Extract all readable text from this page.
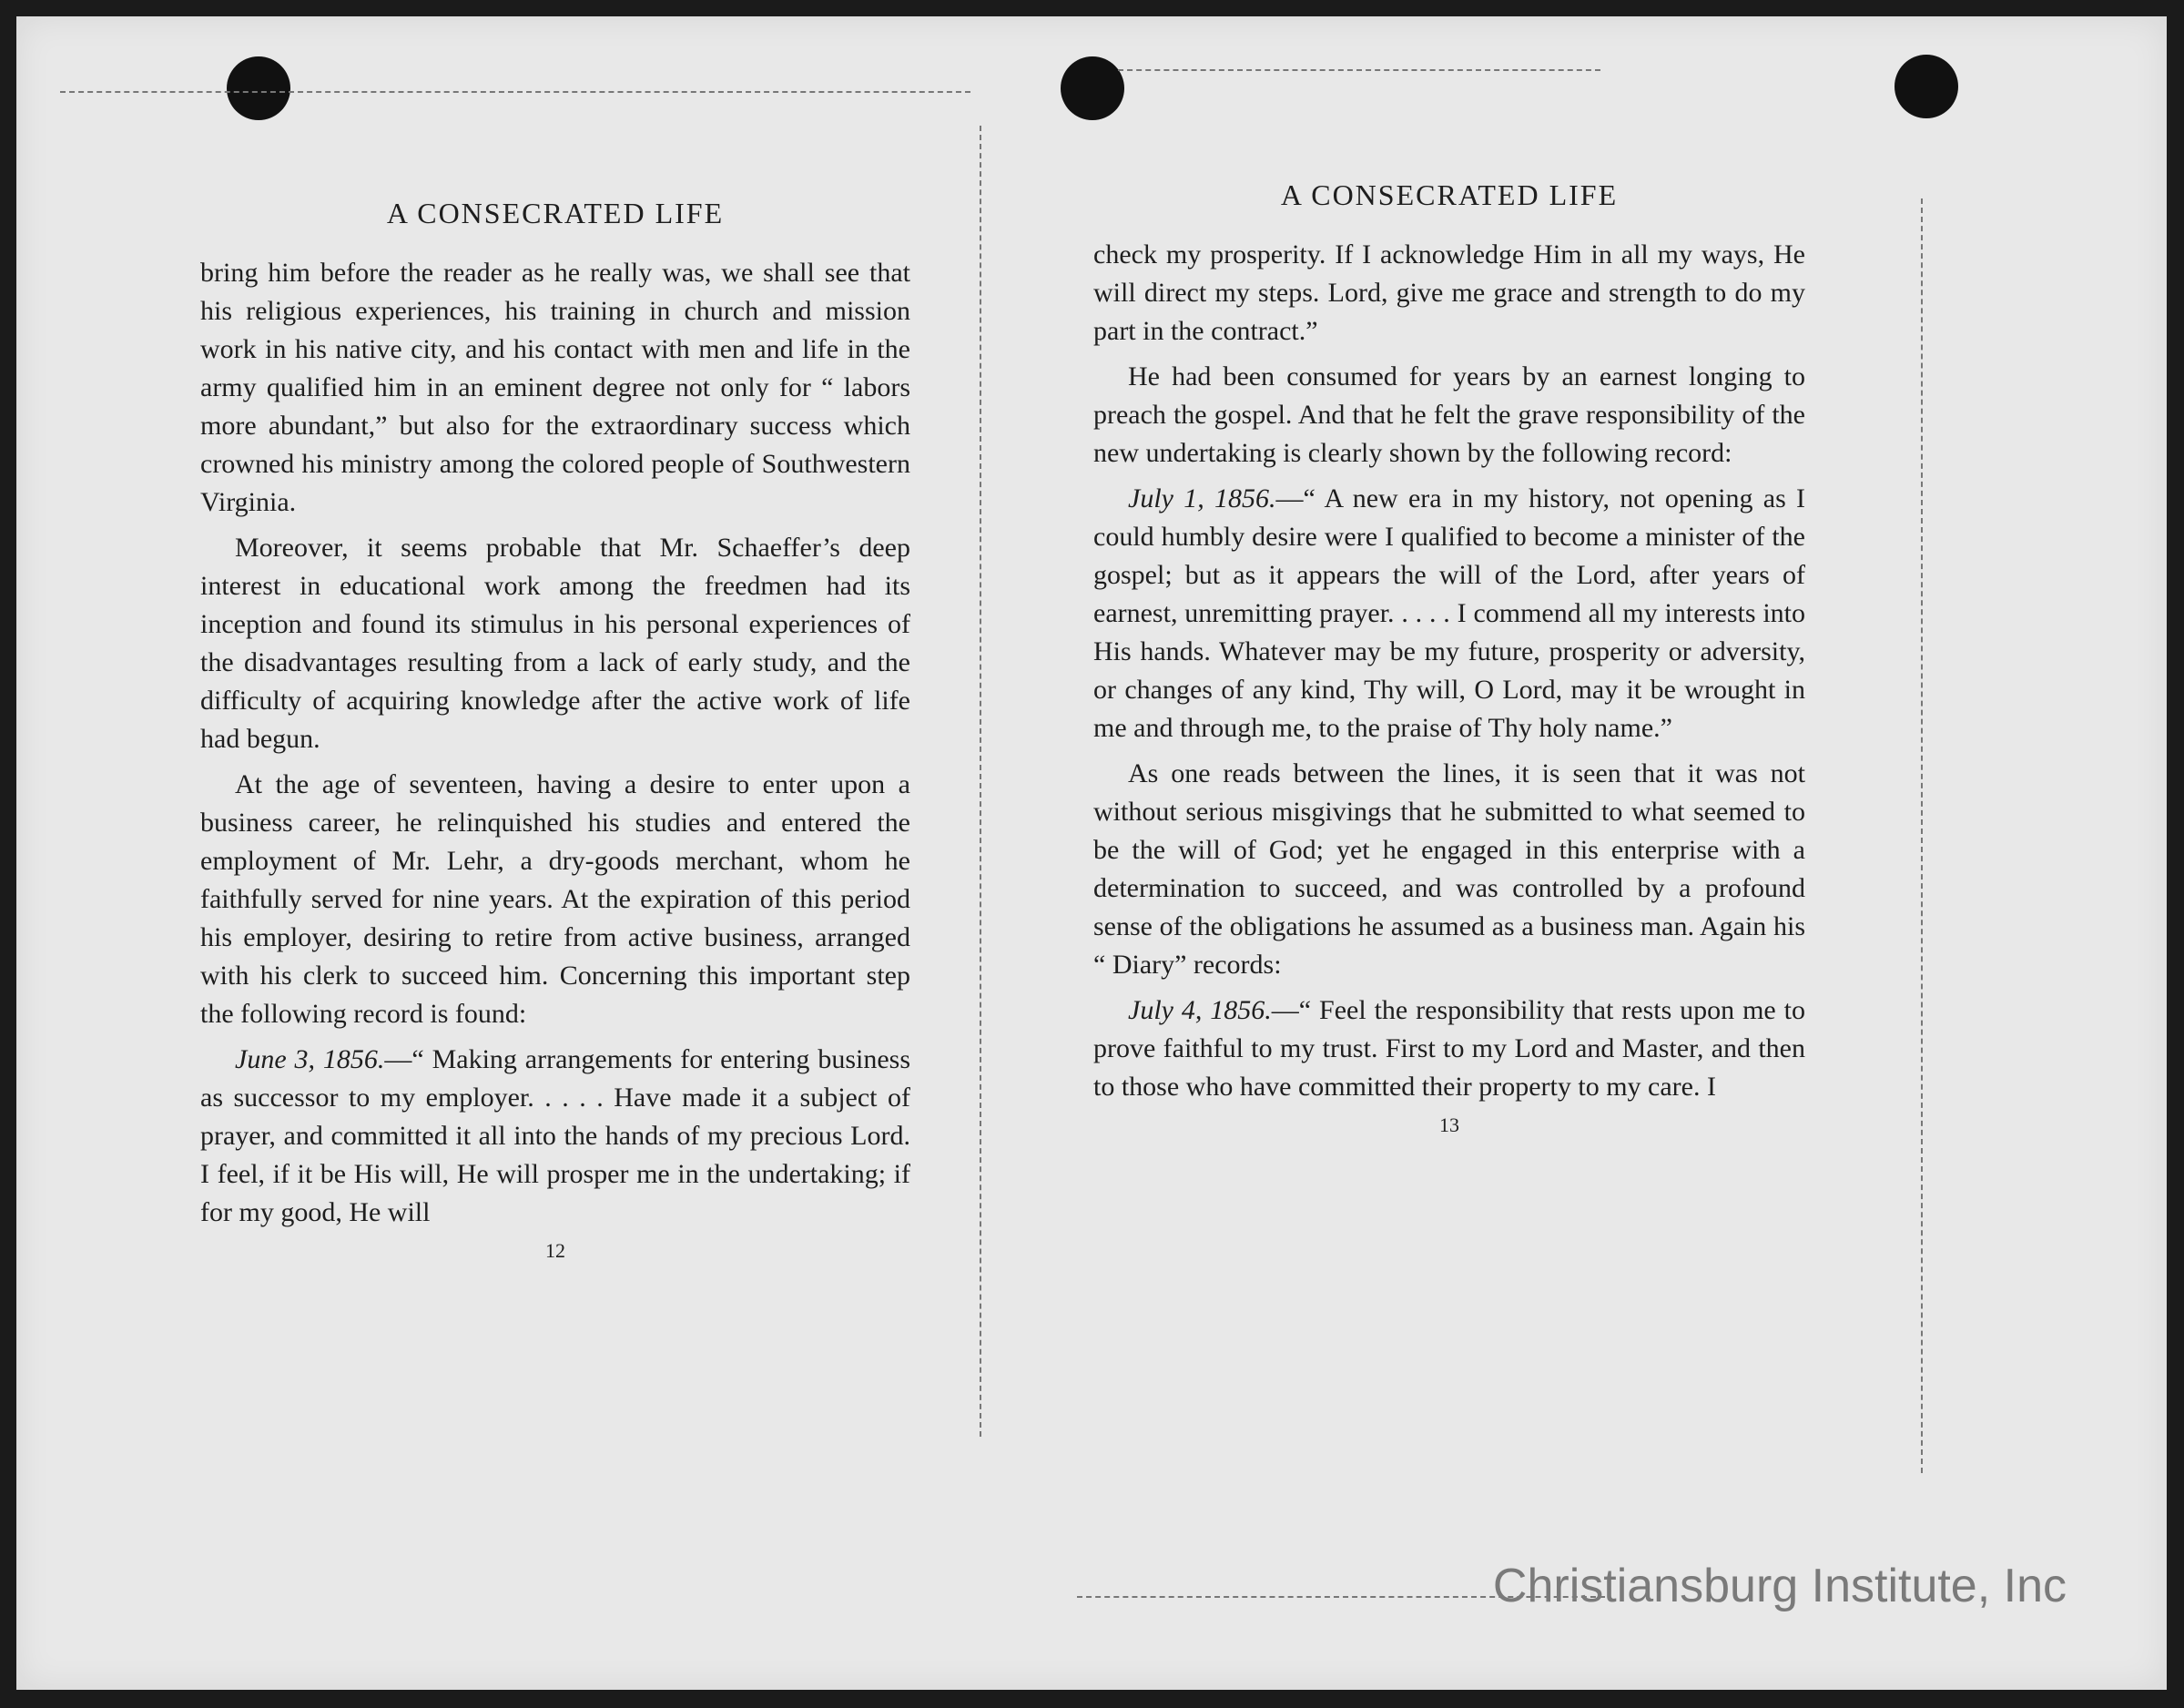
A CONSECRATED LIFE

bring him before the reader as he really was, we shall see that his religious experiences, his training in church and mission work in his native city, and his contact with men and life in the army qualified him in an eminent degree not only for “ labors more abundant,” but also for the extraordinary success which crowned his ministry among the colored people of Southwestern Virginia.

Moreover, it seems probable that Mr. Schaeffer’s deep interest in educational work among the freedmen had its inception and found its stimulus in his personal experiences of the disadvantages resulting from a lack of early study, and the difficulty of acquiring knowledge after the active work of life had begun.

At the age of seventeen, having a desire to enter upon a business career, he relinquished his studies and entered the employment of Mr. Lehr, a dry-goods merchant, whom he faithfully served for nine years. At the expiration of this period his employer, desiring to retire from active business, arranged with his clerk to succeed him. Concerning this important step the following record is found:

June 3, 1856.—“ Making arrangements for entering business as successor to my employer. . . . . Have made it a subject of prayer, and committed it all into the hands of my precious Lord. I feel, if it be His will, He will prosper me in the undertaking; if for my good, He will

12
A CONSECRATED LIFE

check my prosperity. If I acknowledge Him in all my ways, He will direct my steps. Lord, give me grace and strength to do my part in the contract.”

He had been consumed for years by an earnest longing to preach the gospel. And that he felt the grave responsibility of the new undertaking is clearly shown by the following record:

July 1, 1856.—“ A new era in my history, not opening as I could humbly desire were I qualified to become a minister of the gospel; but as it appears the will of the Lord, after years of earnest, unremitting prayer. . . . . I commend all my interests into His hands. Whatever may be my future, prosperity or adversity, or changes of any kind, Thy will, O Lord, may it be wrought in me and through me, to the praise of Thy holy name.”

As one reads between the lines, it is seen that it was not without serious misgivings that he submitted to what seemed to be the will of God; yet he engaged in this enterprise with a determination to succeed, and was controlled by a profound sense of the obligations he assumed as a business man. Again his “ Diary” records:

July 4, 1856.—“ Feel the responsibility that rests upon me to prove faithful to my trust. First to my Lord and Master, and then to those who have committed their property to my care. I

13
Christiansburg Institute, Inc
